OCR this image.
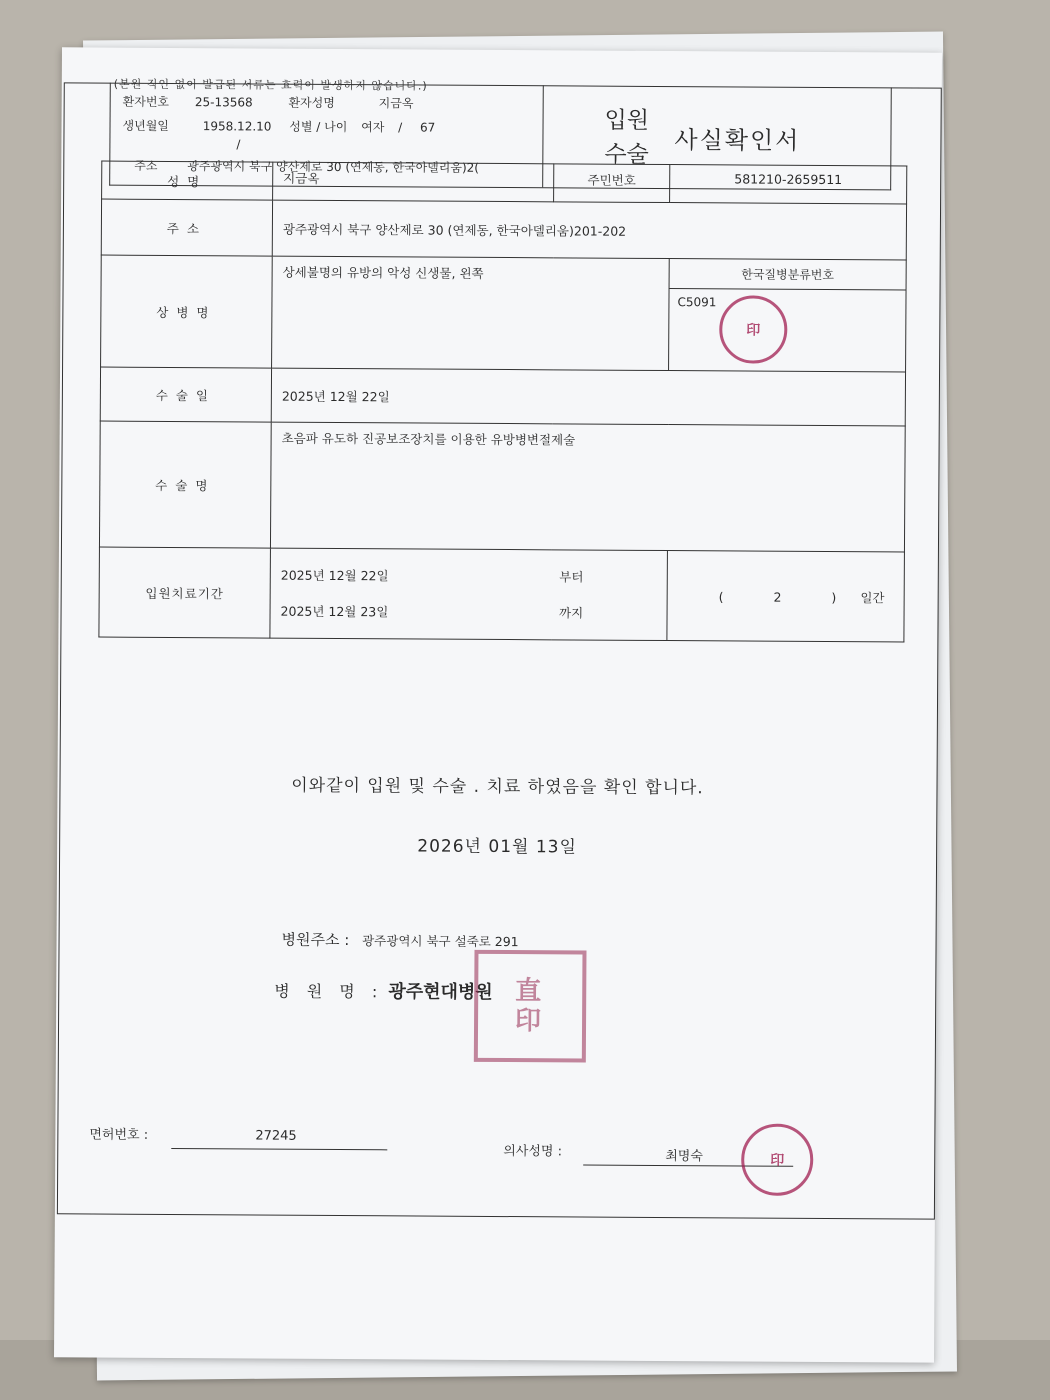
(본원 직인 없이 발급된 서류는 효력이 발생하지 않습니다.)
환자번호 25-13568	환자성명	지금옥
생년월일	1958.12.10 성별 / 나이 여자 / 67
/
주소 광주광역시 북구 양산제로 30 (연제동, 한국아델리움)2(
입원
수술 사실확인서
성명	지금옥	주민번호	581210-2659511
주소	광주광역시 북구 양산제로 30 (연제동, 한국아델리움)201-202		
상병명	상세불명의 유방의 악성 신생물, 왼쪽		한국질병분류번호
C5091
印

수술일	2025년 12월 22일		
수술명	초음파 유도하 진공보조장치를 이용한 유방병변절제술		
입원치료기간	2025년 12월 22일 부터
2025년 12월 23일 까지		( 2 ) 일간

이와같이 입원 및 수술 . 치료 하였음을 확인 합니다.
2026년 01월 13일
병원주소 : 광주광역시 북구 설죽로 291
병 원 명 : 광주현대병원 直
印
면허번호 :	27245
의사성명 :	최명숙	印
